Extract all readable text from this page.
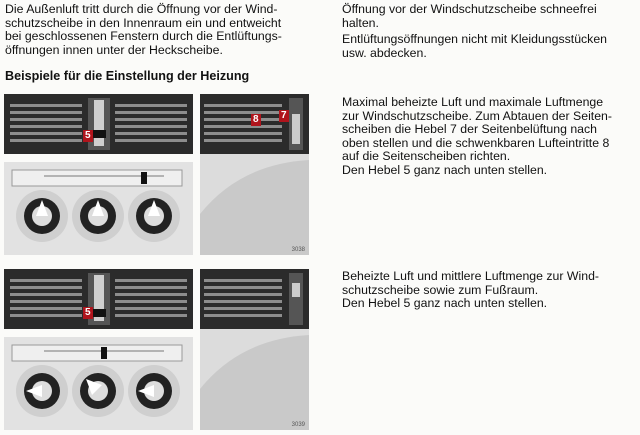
Die Außenluft tritt durch die Öffnung vor der Wind-
schutzscheibe in den Innenraum ein und entweicht
bei geschlossenen Fenstern durch die Entlüftungs-
öffnungen innen unter der Heckscheibe.
Beispiele für die Einstellung der Heizung
Öffnung vor der Windschutzscheibe schneefrei
halten.
Entlüftungsöffnungen nicht mit Kleidungsstücken
usw. abdecken.
Maximal beheizte Luft und maximale Luftmenge
zur Windschutzscheibe. Zum Abtauen der Seiten-
scheiben die Hebel 7 der Seitenbelüftung nach
oben stellen und die schwenkbaren Lufteintritte 8
auf die Seitenscheiben richten.
Den Hebel 5 ganz nach unten stellen.
Beheizte Luft und mittlere Luftmenge zur Wind-
schutzscheibe sowie zum Fußraum.
Den Hebel 5 ganz nach unten stellen.
5
8 7
3038
5
3039
